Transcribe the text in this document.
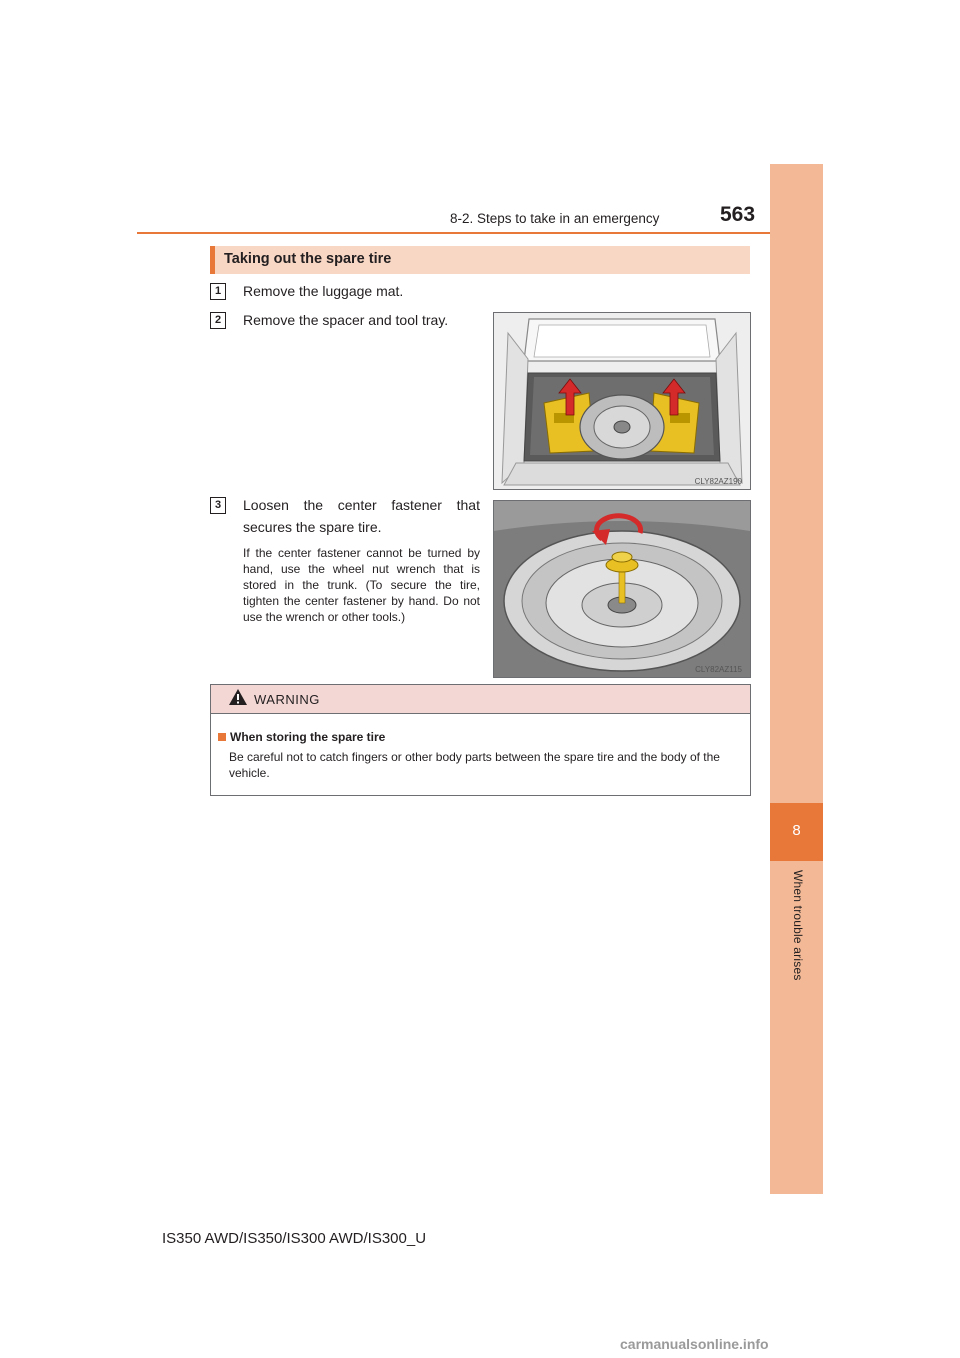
8-2. Steps to take in an emergency	563
8
When trouble arises
Taking out the spare tire
1	Remove the luggage mat.
2	Remove the spacer and tool tray.
3	Loosen the center fastener that secures the spare tire.
If the center fastener cannot be turned by hand, use the wheel nut wrench that is stored in the trunk. (To secure the tire, tighten the center fastener by hand. Do not use the wrench or other tools.)
CLY82AZ190
CLY82AZ115
WARNING
When storing the spare tire
Be careful not to catch fingers or other body parts between the spare tire and the body of the vehicle.
IS350 AWD/IS350/IS300 AWD/IS300_U
carmanualsonline.info
